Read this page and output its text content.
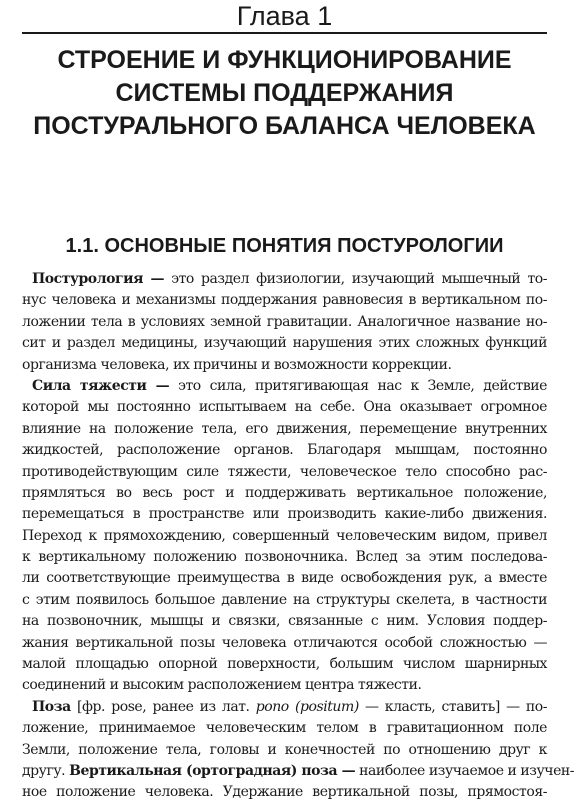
Глава 1
СТРОЕНИЕ И ФУНКЦИОНИРОВАНИЕ
СИСТЕМЫ ПОДДЕРЖАНИЯ
ПОСТУРАЛЬНОГО БАЛАНСА ЧЕЛОВЕКА
1.1. ОСНОВНЫЕ ПОНЯТИЯ ПОСТУРОЛОГИИ
Постурология — это раздел физиологии, изучающий мышечный то-
нус человека и механизмы поддержания равновесия в вертикальном по-
ложении тела в условиях земной гравитации. Аналогичное название но-
сит и раздел медицины, изучающий нарушения этих сложных функций
организма человека, их причины и возможности коррекции.
Сила тяжести — это сила, притягивающая нас к Земле, действие
которой мы постоянно испытываем на себе. Она оказывает огромное
влияние на положение тела, его движения, перемещение внутренних
жидкостей, расположение органов. Благодаря мышцам, постоянно
противодействующим силе тяжести, человеческое тело способно рас-
прямляться во весь рост и поддерживать вертикальное положение,
перемещаться в пространстве или производить какие-либо движения.
Переход к прямохождению, совершенный человеческим видом, привел
к вертикальному положению позвоночника. Вслед за этим последова-
ли соответствующие преимущества в виде освобождения рук, а вместе
с этим появилось большое давление на структуры скелета, в частности
на позвоночник, мышцы и связки, связанные с ним. Условия поддер-
жания вертикальной позы человека отличаются особой сложностью —
малой площадью опорной поверхности, большим числом шарнирных
соединений и высоким расположением центра тяжести.
Поза [фр. pose, ранее из лат. pono (positum) — класть, ставить] — по-
ложение, принимаемое человеческим телом в гравитационном поле
Земли, положение тела, головы и конечностей по отношению друг к
другу. Вертикальная (ортоградная) поза — наиболее изучаемое и изучен-
ное положение человека. Удержание вертикальной позы, прямостоя-
